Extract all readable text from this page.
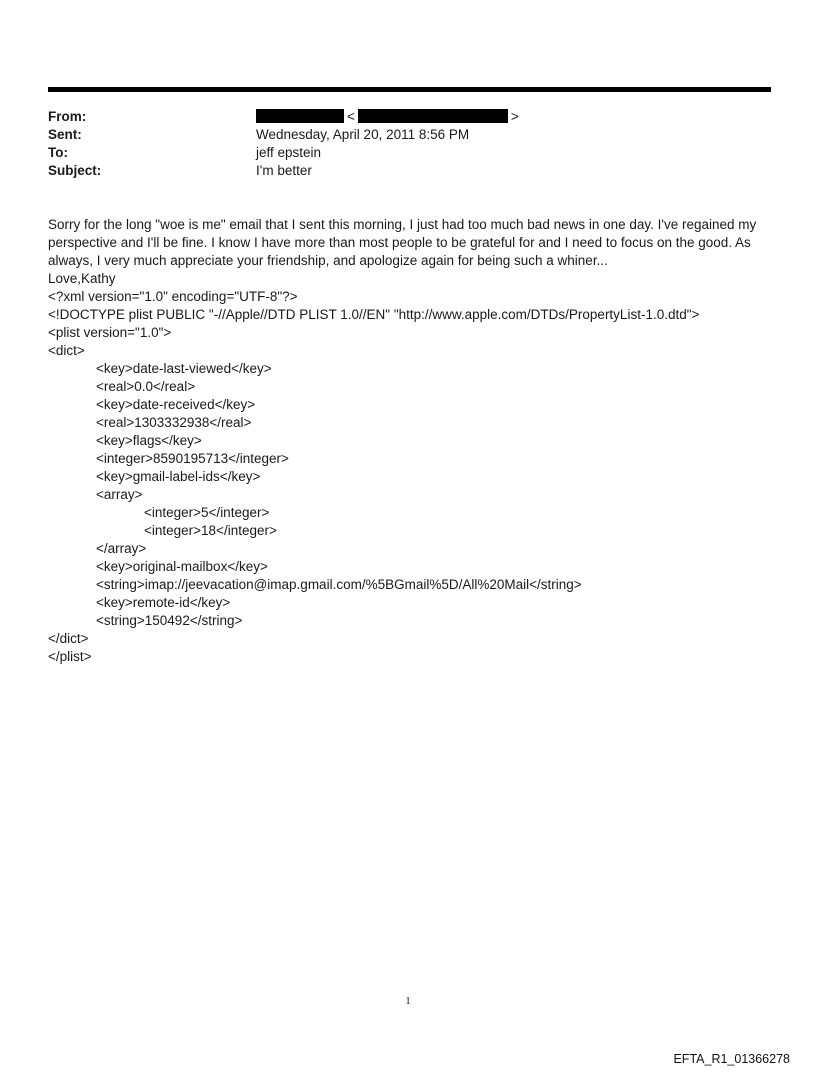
From:	<	>
Sent:	Wednesday, April 20, 2011 8:56 PM
To:	jeff epstein
Subject:	I'm better

Sorry for the long "woe is me" email that I sent this morning, I just had too much bad news in one day. I've regained my perspective and I'll be fine. I know I have more than most people to be grateful for and I need to focus on the good. As always, I very much appreciate your friendship, and apologize again for being such a whiner...

Love,Kathy
<?xml version="1.0" encoding="UTF-8"?>
<!DOCTYPE plist PUBLIC "-//Apple//DTD PLIST 1.0//EN" "http://www.apple.com/DTDs/PropertyList-1.0.dtd">
<plist version="1.0">
<dict>
<key>date-last-viewed</key>
<real>0.0</real>
<key>date-received</key>
<real>1303332938</real>
<key>flags</key>
<integer>8590195713</integer>
<key>gmail-label-ids</key>
<array>
<integer>5</integer>
<integer>18</integer>
</array>
<key>original-mailbox</key>
<string>imap://jeevacation@imap.gmail.com/%5BGmail%5D/All%20Mail</string>
<key>remote-id</key>
<string>150492</string>
</dict>
</plist>
1
EFTA_R1_01366278
